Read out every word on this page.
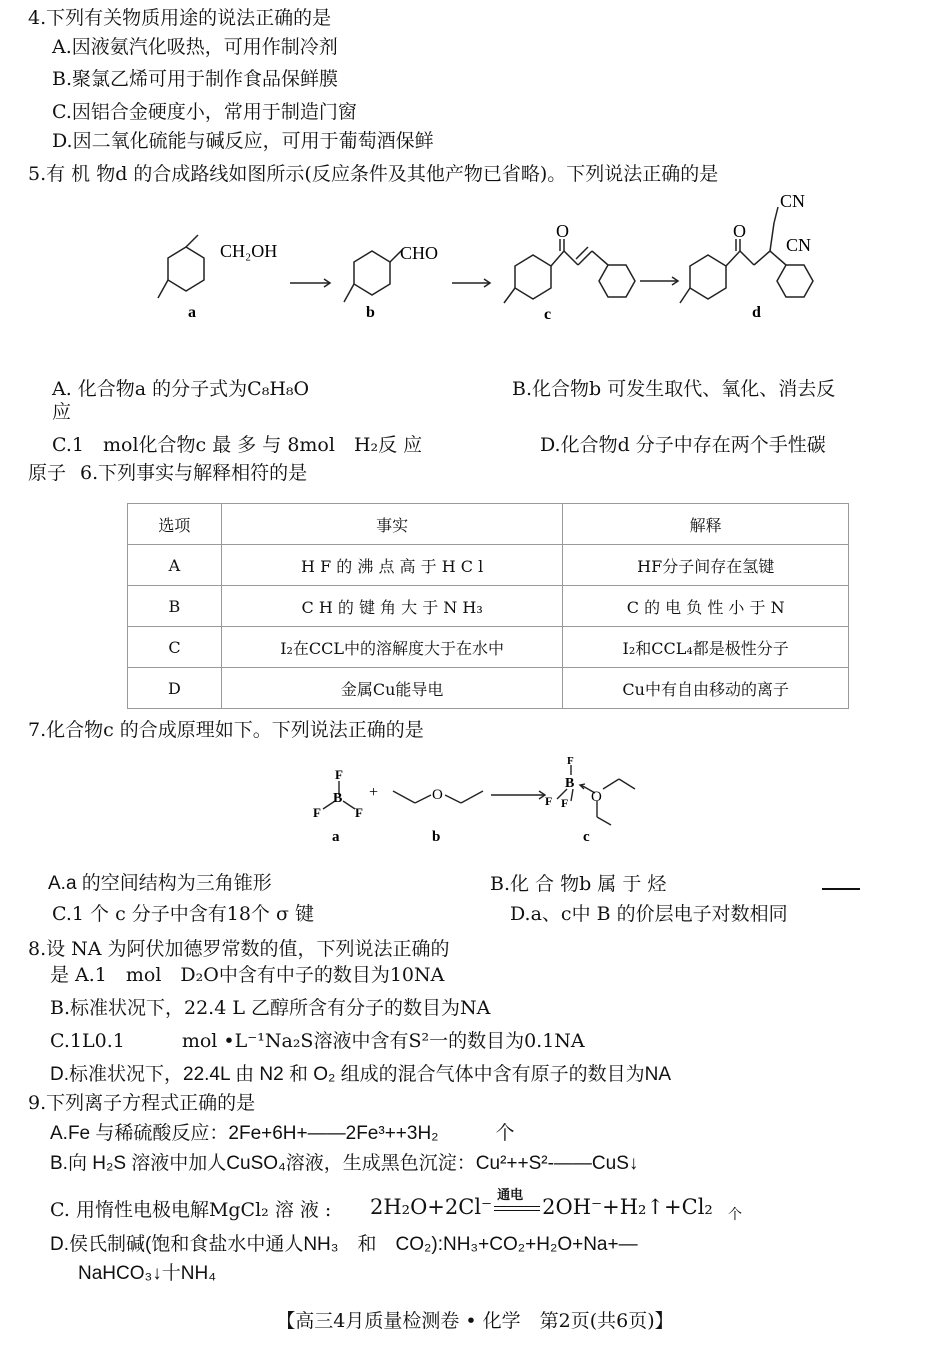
4.下列有关物质用途的说法正确的是
A.因液氨汽化吸热，可用作制冷剂
B.聚氯乙烯可用于制作食品保鲜膜
C.因铝合金硬度小，常用于制造门窗
D.因二氧化硫能与碱反应，可用于葡萄酒保鲜
5.有 机 物d 的合成路线如图所示(反应条件及其他产物已省略)。下列说法正确的是
CH₂OH	CHO
O	O
CN
CN
a	b	c	d
A. 化合物a 的分子式为C₈H₈O	B.化合物b 可发生取代、氧化、消去反
应
C.1　mol化合物c 最 多 与 8mol　H₂反 应	D.化合物d 分子中存在两个手性碳
原子 6.下列事实与解释相符的是
选项	事实	解释
A	H F 的 沸 点 高 于 H C l	HF分子间存在氢键
B	C H 的 键 角 大 于 N H₃	C 的 电 负 性 小 于 N
C	I₂在CCL中的溶解度大于在水中	I₂和CCL₄都是极性分子
D	金属Cu能导电	Cu中有自由移动的离子
7.化合物c 的合成原理如下。下列说法正确的是
F
B
F	F
+	O
F
B
F F O
a	b	c
A.a 的空间结构为三角锥形	B.化 合 物b 属 于 烃
C.1 个 c 分子中含有18个 σ 键	D.a、c中 B 的价层电子对数相同
8.设 NA 为阿伏加德罗常数的值，下列说法正确的
是 A.1　mol　D₂O中含有中子的数目为10NA
B.标准状况下，22.4 L 乙醇所含有分子的数目为NA
C.1L0.1　　　mol •L⁻¹Na₂S溶液中含有S²一的数目为0.1NA
D.标准状况下，22.4L 由 N2 和 O₂ 组成的混合气体中含有原子的数目为NA
9.下列离子方程式正确的是
A.Fe 与稀硫酸反应：2Fe+6H+——2Fe³++3H₂　　　个
B.向 H₂S 溶液中加人CuSO₄溶液，生成黑色沉淀：Cu²++S²-——CuS↓
C. 用惰性电极电解MgCl₂ 溶 液 : 2H₂O+2Cl⁻ 通电 2OH⁻+H₂↑+Cl₂ 个
D.侯氏制碱(饱和食盐水中通人NH₃　和　CO₂):NH₃+CO₂+H₂O+Na+—
NaHCO₃↓十NH₄
【高三4月质量检测卷 • 化学　第2页(共6页)】
